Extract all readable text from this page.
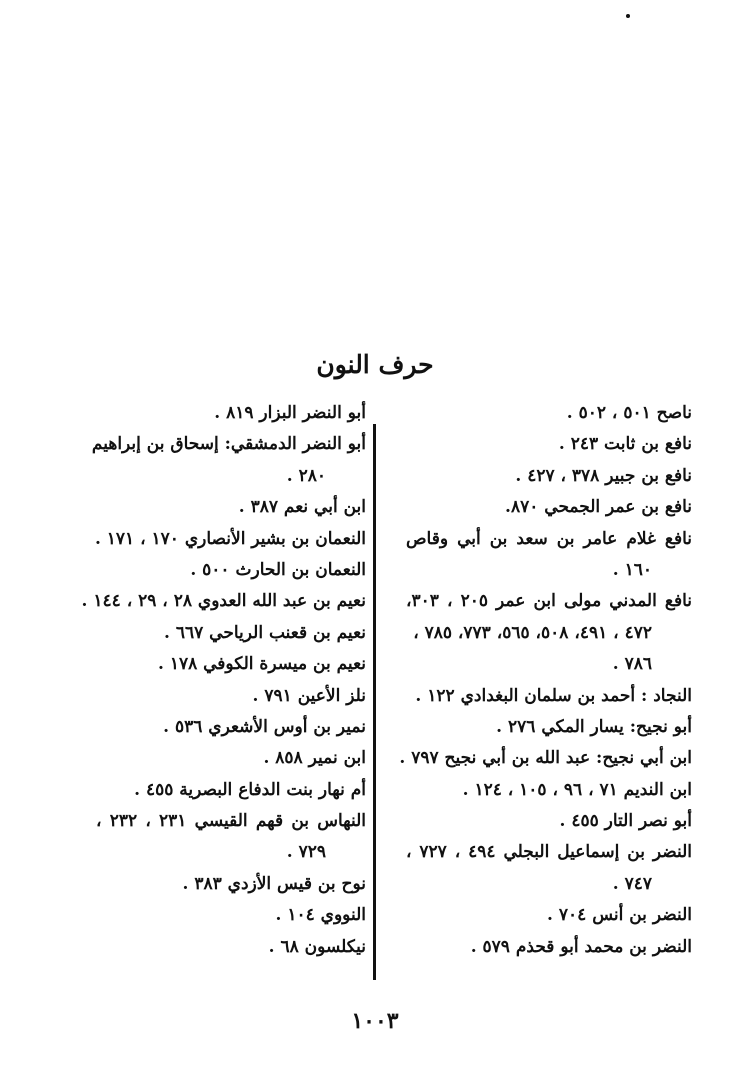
حرف النون
ناصح ٥٠١ ، ٥٠٢ .
نافع بن ثابت ٢٤٣ .
نافع بن جبير ٣٧٨ ، ٤٢٧ .
نافع بن عمر الجمحي ٨٧٠.
نافع غلام عامر بن سعد بن أبي وقاص
١٦٠ .
نافع المدني مولى ابن عمر ٢٠٥ ، ٣٠٣،
٤٧٢ ، ٤٩١، ٥٠٨، ٥٦٥، ٧٧٣، ٧٨٥ ،
٧٨٦ .
النجاد : أحمد بن سلمان البغدادي ١٢٢ .
أبو نجيح: يسار المكي ٢٧٦ .
ابن أبي نجيح: عبد الله بن أبي نجيح ٧٩٧ .
ابن النديم ٧١ ، ٩٦ ، ١٠٥ ، ١٢٤ .
أبو نصر التار ٤٥٥ .
النضر بن إسماعيل البجلي ٤٩٤ ، ٧٢٧ ،
٧٤٧ .
النضر بن أنس ٧٠٤ .
النضر بن محمد أبو قحذم ٥٧٩ .
أبو النضر البزار ٨١٩ .
أبو النضر الدمشقي: إسحاق بن إبراهيم
٢٨٠ .
ابن أبي نعم ٣٨٧ .
النعمان بن بشير الأنصاري ١٧٠ ، ١٧١ .
النعمان بن الحارث ٥٠٠ .
نعيم بن عبد الله العدوي ٢٨ ، ٢٩ ، ١٤٤ .
نعيم بن قعنب الرياحي ٦٦٧ .
نعيم بن ميسرة الكوفي ١٧٨ .
نلز الأعين ٧٩١ .
نمير بن أوس الأشعري ٥٣٦ .
ابن نمير ٨٥٨ .
أم نهار بنت الدفاع البصرية ٤٥٥ .
النهاس بن قهم القيسي ٢٣١ ، ٢٣٢ ،
٧٢٩ .
نوح بن قيس الأزدي ٣٨٣ .
النووي ١٠٤ .
نيكلسون ٦٨ .
١٠٠٣
